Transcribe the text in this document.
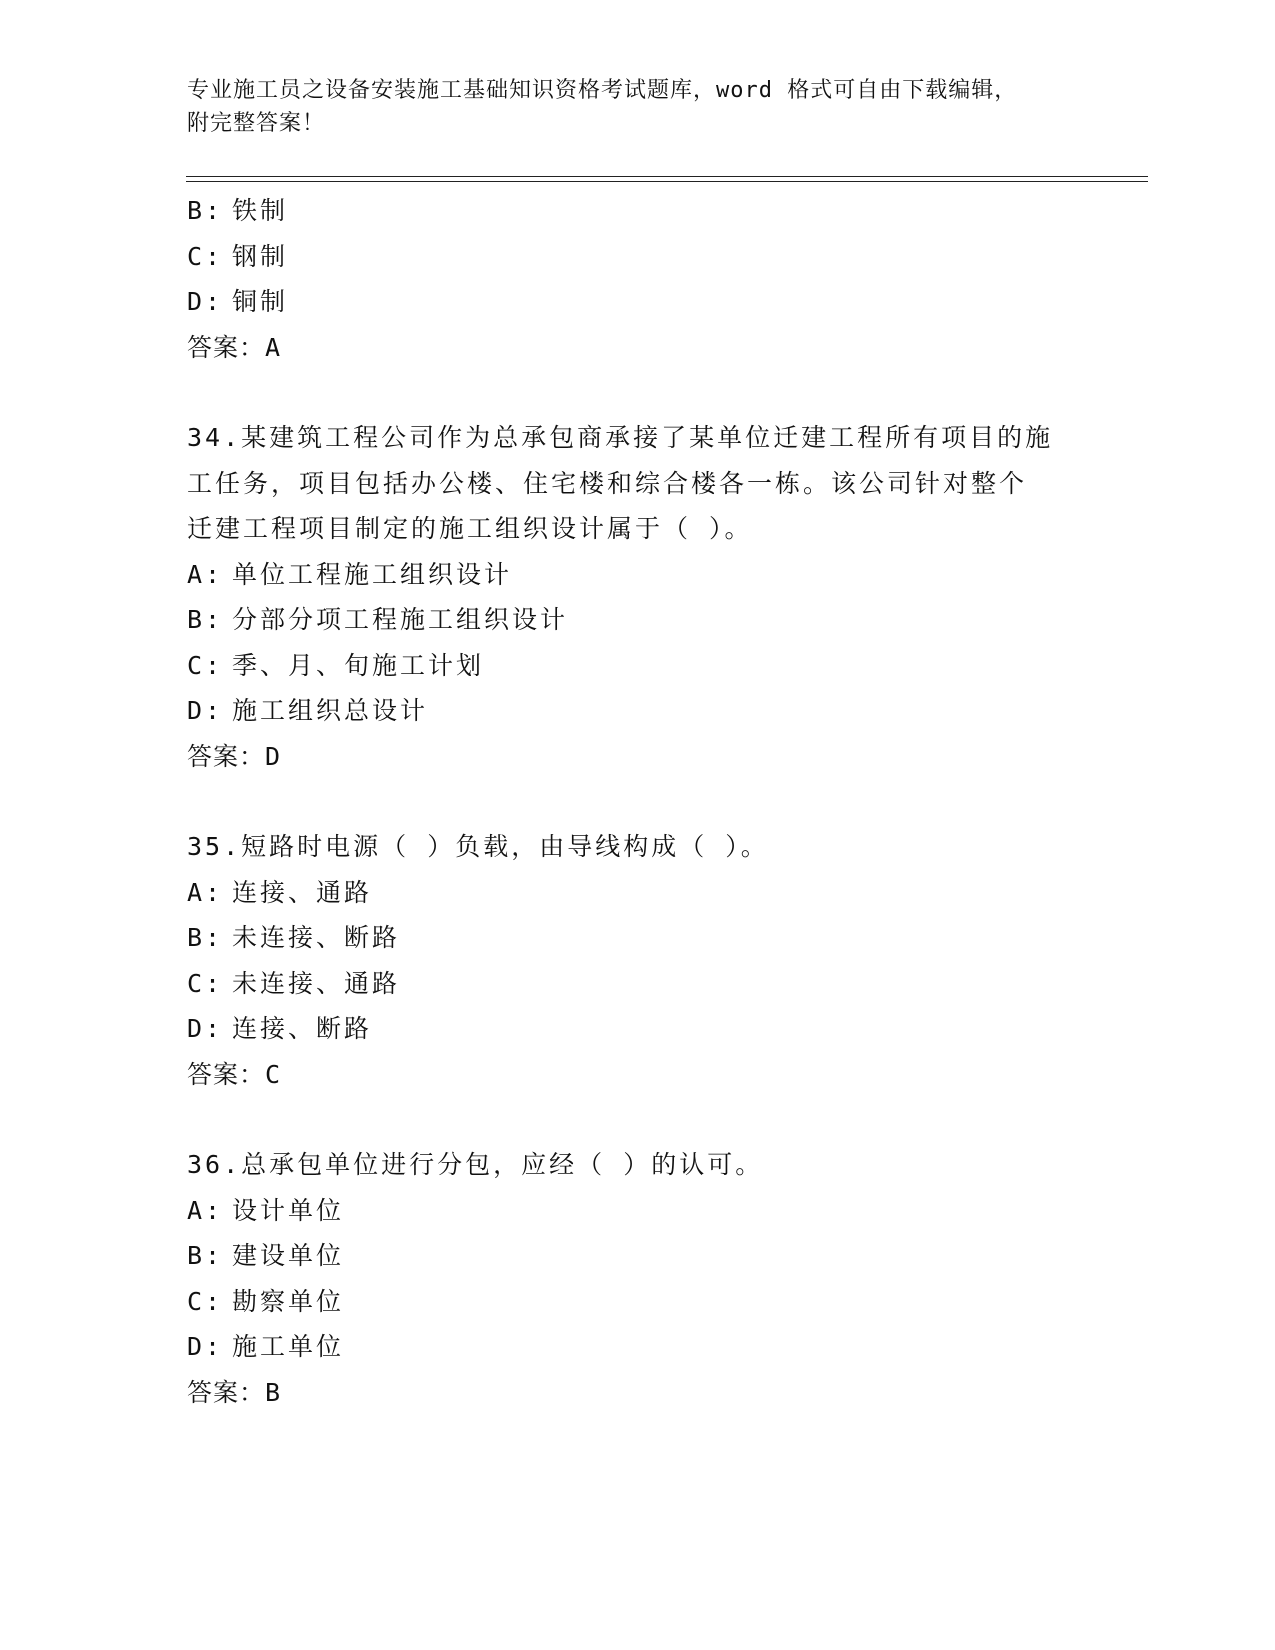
专业施工员之设备安装施工基础知识资格考试题库，word 格式可自由下载编辑，
附完整答案！
B: 铁制
C: 钢制
D: 铜制
答案：A
34.某建筑工程公司作为总承包商承接了某单位迁建工程所有项目的施
工任务，项目包括办公楼、住宅楼和综合楼各一栋。该公司针对整个
迁建工程项目制定的施工组织设计属于（ ）。
A: 单位工程施工组织设计
B: 分部分项工程施工组织设计
C: 季、月、旬施工计划
D: 施工组织总设计
答案：D
35.短路时电源（ ）负载，由导线构成（ ）。
A: 连接、通路
B: 未连接、断路
C: 未连接、通路
D: 连接、断路
答案：C
36.总承包单位进行分包，应经（ ）的认可。
A: 设计单位
B: 建设单位
C: 勘察单位
D: 施工单位
答案：B
